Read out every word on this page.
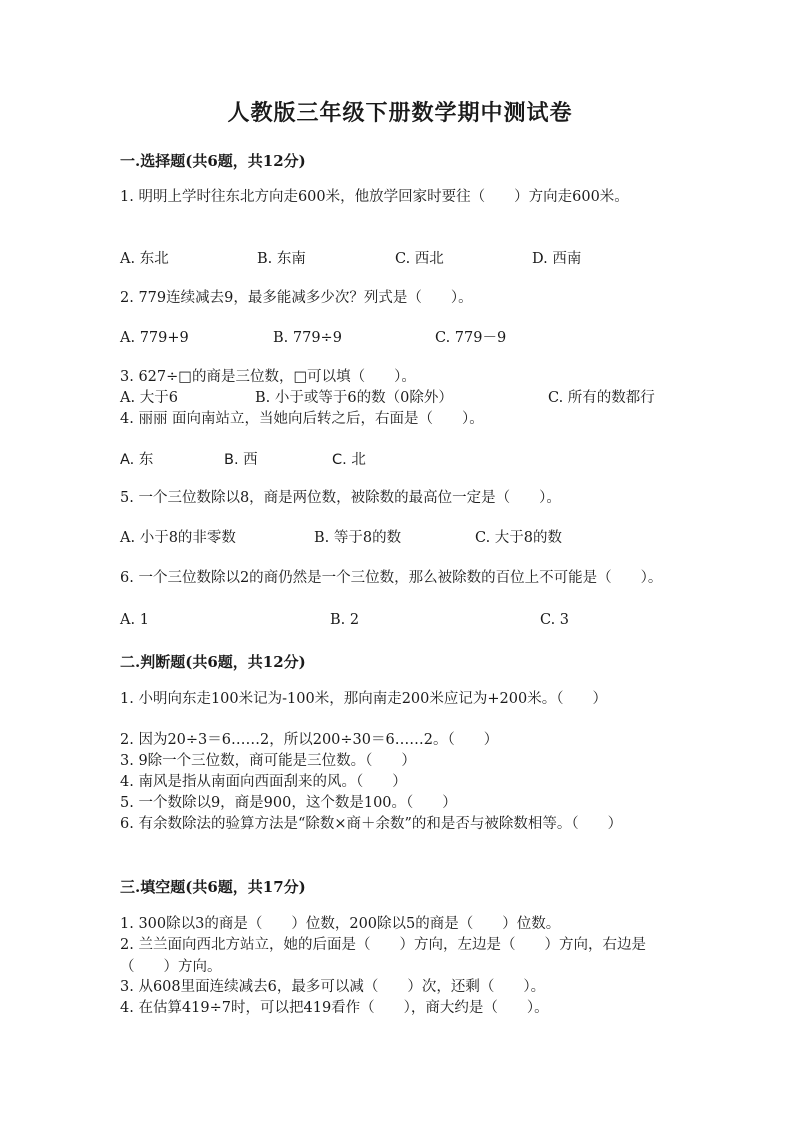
人教版三年级下册数学期中测试卷
一.选择题(共6题，共12分)
1. 明明上学时往东北方向走600米，他放学回家时要往（　　）方向走600米。
A. 东北	B. 东南	C. 西北	D. 西南
2. 779连续减去9，最多能减多少次？列式是（　　）。
A. 779+9	B. 779÷9	C. 779－9
3. 627÷□的商是三位数，□可以填（　　）。
A. 大于6	B. 小于或等于6的数（0除外）	C. 所有的数都行
4. 丽丽 面向南站立，当她向后转之后，右面是（　　）。
A. 东	B. 西	C. 北
5. 一个三位数除以8，商是两位数，被除数的最高位一定是（　　）。
A. 小于8的非零数	B. 等于8的数	C. 大于8的数
6. 一个三位数除以2的商仍然是一个三位数，那么被除数的百位上不可能是（　　）。
A. 1	B. 2	C. 3
二.判断题(共6题，共12分)
1. 小明向东走100米记为-100米，那向南走200米应记为+200米。（　　）
2. 因为20÷3＝6……2，所以200÷30＝6……2。（　　）
3. 9除一个三位数，商可能是三位数。（　　）
4. 南风是指从南面向西面刮来的风。（　　）
5. 一个数除以9，商是900，这个数是100。（　　）
6. 有余数除法的验算方法是“除数×商＋余数”的和是否与被除数相等。（　　）
三.填空题(共6题，共17分)
1. 300除以3的商是（　　）位数，200除以5的商是（　　）位数。
2. 兰兰面向西北方站立，她的后面是（　　）方向，左边是（　　）方向，右边是（　　）方向。
3. 从608里面连续减去6，最多可以减（　　）次，还剩（　　）。
4. 在估算419÷7时，可以把419看作（　　），商大约是（　　）。
